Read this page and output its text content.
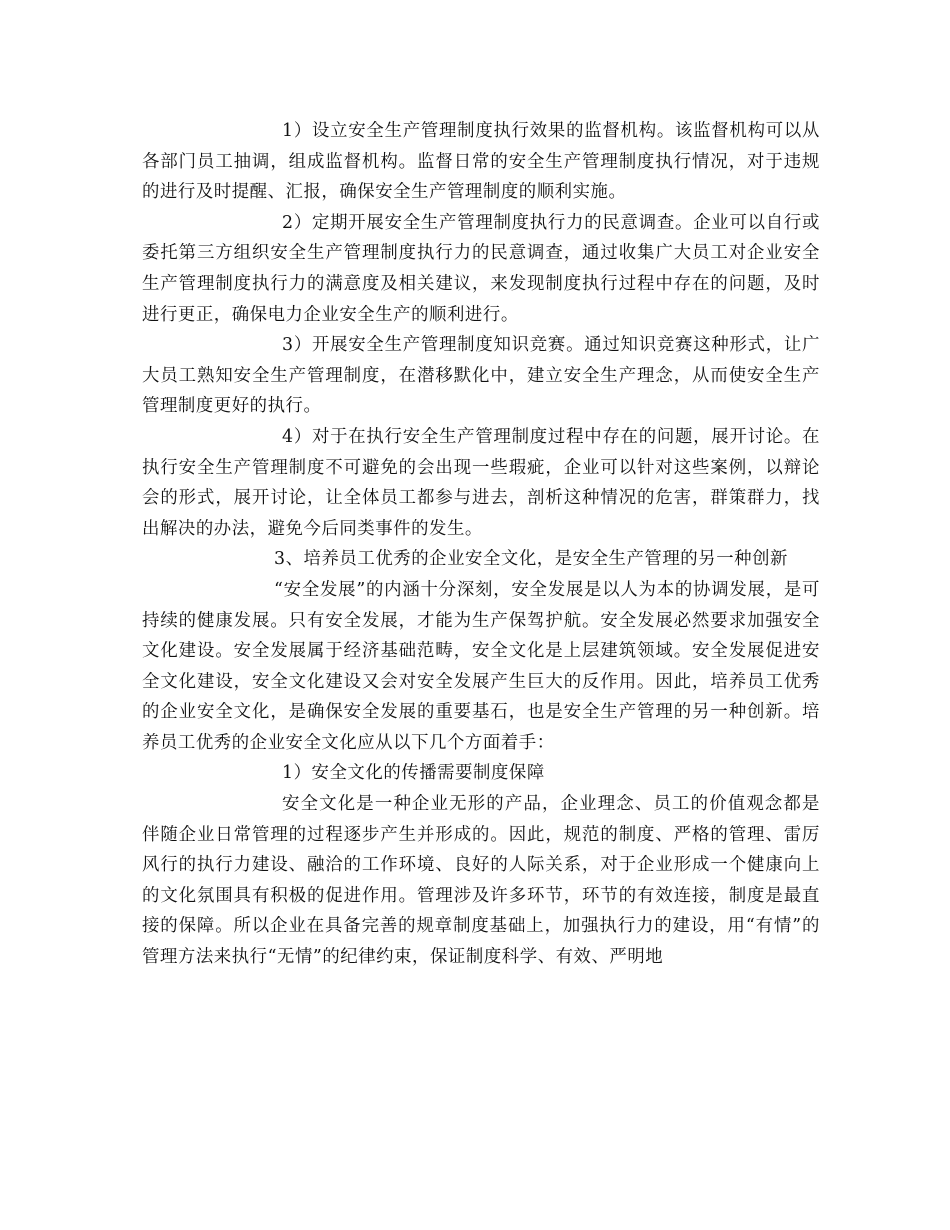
1）设立安全生产管理制度执行效果的监督机构。该监督机构可以从各部门员工抽调，组成监督机构。监督日常的安全生产管理制度执行情况，对于违规的进行及时提醒、汇报，确保安全生产管理制度的顺利实施。

2）定期开展安全生产管理制度执行力的民意调查。企业可以自行或委托第三方组织安全生产管理制度执行力的民意调查，通过收集广大员工对企业安全生产管理制度执行力的满意度及相关建议，来发现制度执行过程中存在的问题，及时进行更正，确保电力企业安全生产的顺利进行。

3）开展安全生产管理制度知识竞赛。通过知识竞赛这种形式，让广大员工熟知安全生产管理制度，在潜移默化中，建立安全生产理念，从而使安全生产管理制度更好的执行。

4）对于在执行安全生产管理制度过程中存在的问题，展开讨论。在执行安全生产管理制度不可避免的会出现一些瑕疵，企业可以针对这些案例，以辩论会的形式，展开讨论，让全体员工都参与进去，剖析这种情况的危害，群策群力，找出解决的办法，避免今后同类事件的发生。

3、培养员工优秀的企业安全文化，是安全生产管理的另一种创新

“安全发展”的内涵十分深刻，安全发展是以人为本的协调发展，是可持续的健康发展。只有安全发展，才能为生产保驾护航。安全发展必然要求加强安全文化建设。安全发展属于经济基础范畴，安全文化是上层建筑领域。安全发展促进安全文化建设，安全文化建设又会对安全发展产生巨大的反作用。因此，培养员工优秀的企业安全文化，是确保安全发展的重要基石，也是安全生产管理的另一种创新。培养员工优秀的企业安全文化应从以下几个方面着手：

1）安全文化的传播需要制度保障

安全文化是一种企业无形的产品，企业理念、员工的价值观念都是伴随企业日常管理的过程逐步产生并形成的。因此，规范的制度、严格的管理、雷厉风行的执行力建设、融洽的工作环境、良好的人际关系，对于企业形成一个健康向上的文化氛围具有积极的促进作用。管理涉及许多环节，环节的有效连接，制度是最直接的保障。所以企业在具备完善的规章制度基础上，加强执行力的建设，用“有情”的管理方法来执行“无情”的纪律约束，保证制度科学、有效、严明地
